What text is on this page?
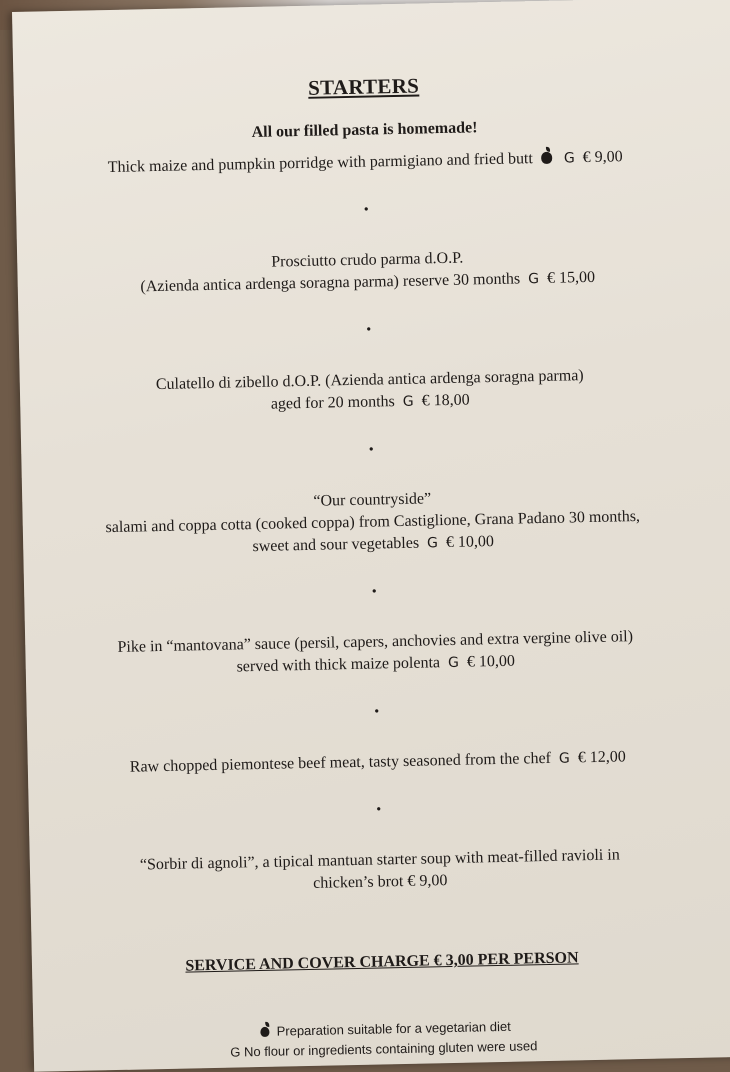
STARTERS
All our filled pasta is homemade!
Thick maize and pumpkin porridge with parmigiano and fried butt G € 9,00
•
Prosciutto crudo parma d.O.P.
(Azienda antica ardenga soragna parma) reserve 30 months G € 15,00
•
Culatello di zibello d.O.P. (Azienda antica ardenga soragna parma)
aged for 20 months G € 18,00
•
“Our countryside”
salami and coppa cotta (cooked coppa) from Castiglione, Grana Padano 30 months,
sweet and sour vegetables G € 10,00
•
Pike in “mantovana” sauce (persil, capers, anchovies and extra vergine olive oil)
served with thick maize polenta G € 10,00
•
Raw chopped piemontese beef meat, tasty seasoned from the chef G € 12,00
•
“Sorbir di agnoli”, a tipical mantuan starter soup with meat-filled ravioli in
chicken’s brot € 9,00
SERVICE AND COVER CHARGE € 3,00 PER PERSON
Preparation suitable for a vegetarian diet
G No flour or ingredients containing gluten were used
